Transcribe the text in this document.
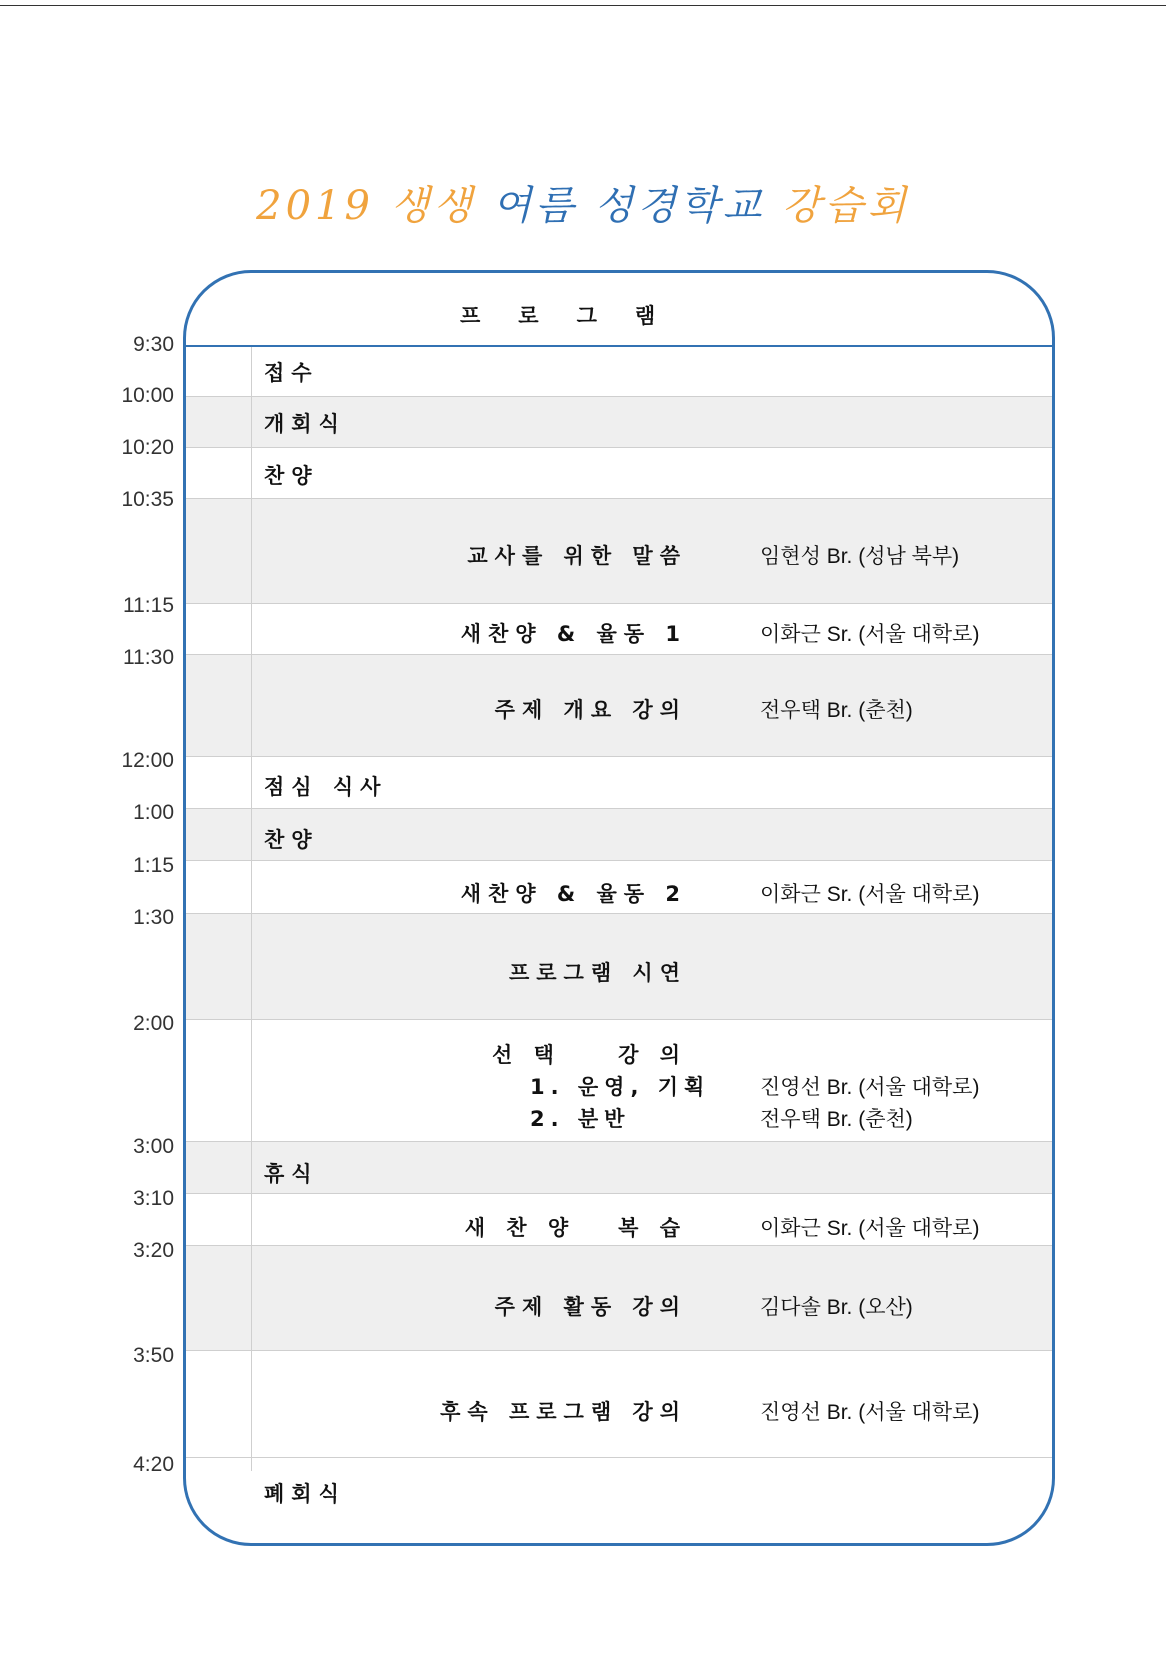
2019 생생 여름 성경학교 강습회
프로그램
9:30
10:00
10:20
10:35
11:15
11:30
12:00
1:00
1:15
1:30
2:00
3:00
3:10
3:20
3:50
4:20
접수
개회식
찬양
점심 식사
찬양
휴식
폐회식
교사를 위한 말씀
새찬양 & 율동 1
주제 개요 강의
새찬양 & 율동 2
프로그램 시연
선 택    강 의
1. 운영, 기획
2. 분반
새 찬 양   복 습
주제 활동 강의
후속 프로그램 강의
임현성 Br. (성남 북부)
이화근 Sr. (서울 대학로)
전우택 Br. (춘천)
이화근 Sr. (서울 대학로)
진영선 Br. (서울 대학로)
전우택 Br. (춘천)
이화근 Sr. (서울 대학로)
김다솔 Br. (오산)
진영선 Br. (서울 대학로)
